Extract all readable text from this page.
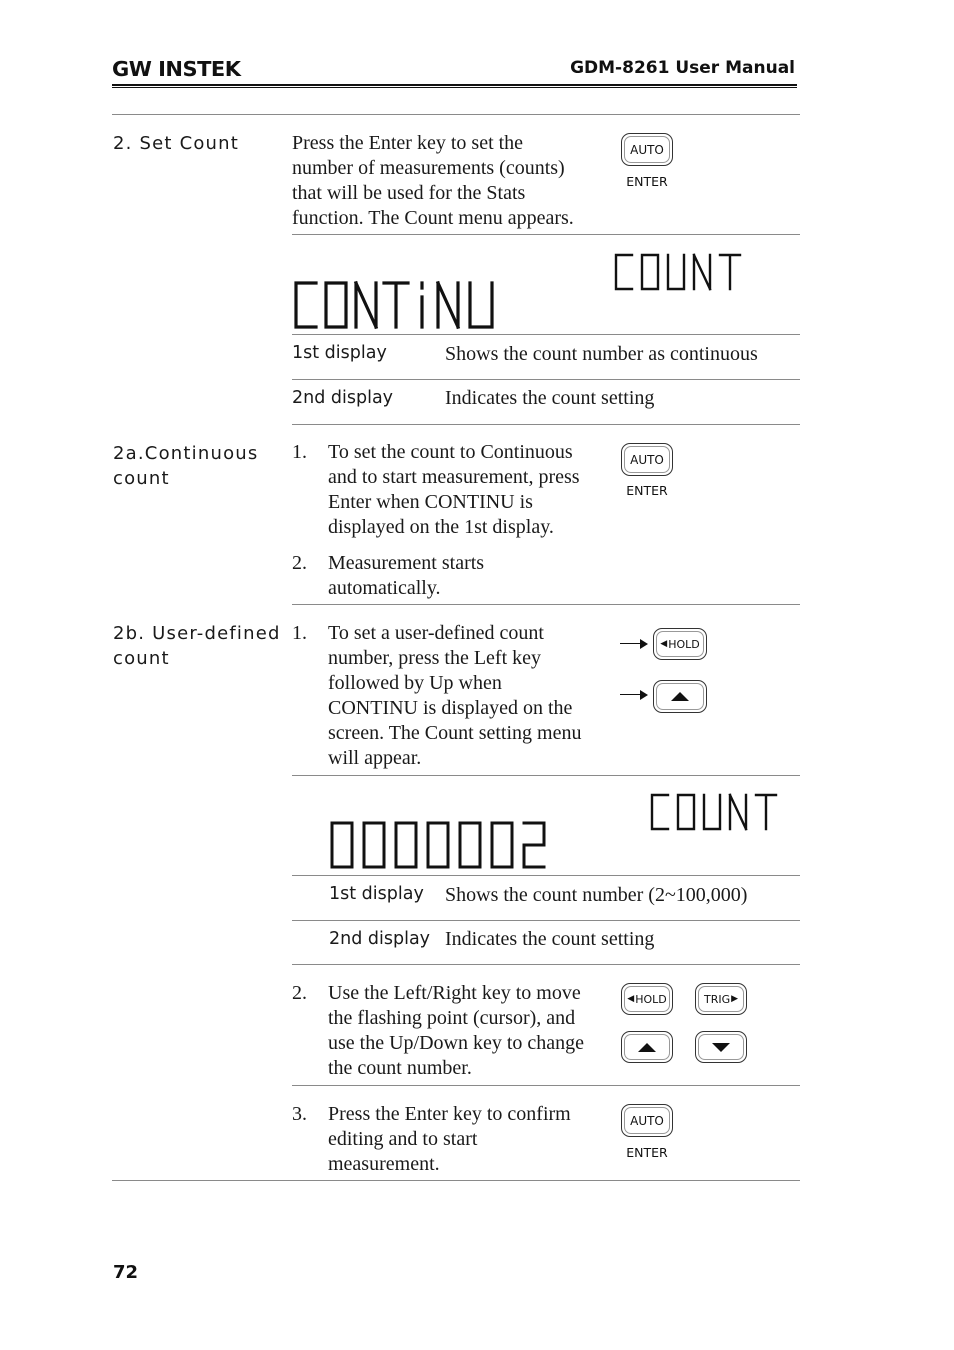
GW INSTEK	GDM-8261 User Manual
2. Set Count	Press the Enter key to set the
number of measurements (counts)
that will be used for the Stats
function. The Count menu appears.
AUTO
ENTER
CONTINU
COUNT
1st display	Shows the count number as continuous
2nd display	Indicates the count setting
2a.Continuous
count
1. To set the count to Continuous
and to start measurement, press
Enter when CONTINU is
displayed on the 1st display.
AUTO
ENTER
2. Measurement starts
automatically.
2b. User-defined
count
1. To set a user-defined count
number, press the Left key
followed by Up when
CONTINU is displayed on the
screen. The Count setting menu
will appear.
◀ HOLD
0000002
COUNT
1st display Shows the count number (2~100,000)
2nd display Indicates the count setting
2. Use the Left/Right key to move
the flashing point (cursor), and
use the Up/Down key to change
the count number.
◀ HOLD	TRIG ▶
3. Press the Enter key to confirm
editing and to start
measurement.
AUTO
ENTER
72
